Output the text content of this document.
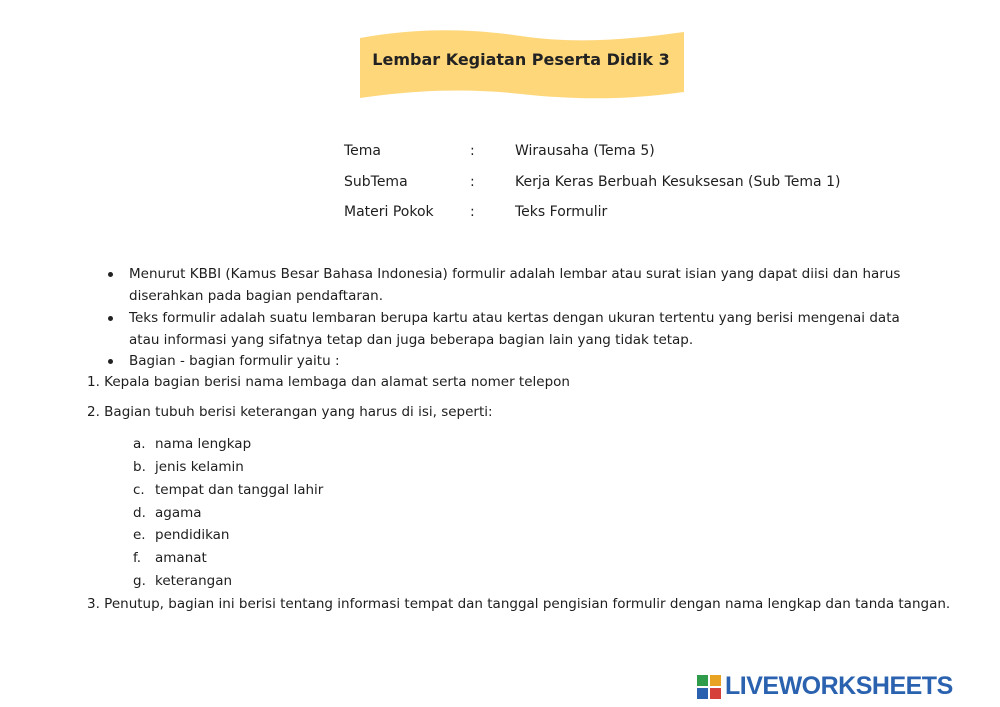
Lembar Kegiatan Peserta Didik 3
Tema	:	Wirausaha (Tema 5)
SubTema	:	Kerja Keras Berbuah Kesuksesan (Sub Tema 1)
Materi Pokok	:	Teks Formulir
Menurut KBBI (Kamus Besar Bahasa Indonesia) formulir adalah lembar atau surat isian yang dapat diisi dan harus diserahkan pada bagian pendaftaran.
Teks formulir adalah suatu lembaran berupa kartu atau kertas dengan ukuran tertentu yang berisi mengenai data atau informasi yang sifatnya tetap dan juga beberapa bagian lain yang tidak tetap.
Bagian - bagian formulir yaitu :
1. Kepala bagian berisi nama lembaga dan alamat serta nomer telepon
2. Bagian tubuh berisi keterangan yang harus di isi, seperti:
a. nama lengkap
b. jenis kelamin
c. tempat dan tanggal lahir
d. agama
e. pendidikan
f. amanat
g. keterangan
3. Penutup, bagian ini berisi tentang informasi tempat dan tanggal pengisian formulir dengan nama lengkap dan tanda tangan.
LIVEWORKSHEETS
